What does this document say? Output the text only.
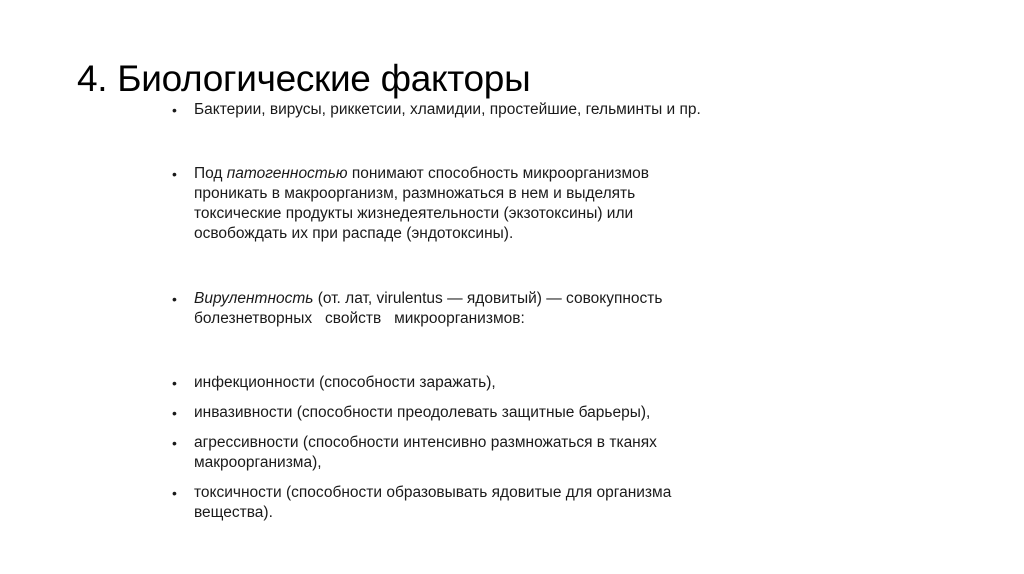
4. Биологические факторы
• Бактерии, вирусы, риккетсии, хламидии, простейшие, гельминты и пр.
• Под патогенностью понимают способность микроорганизмов
проникать в макроорганизм, размножаться в нем и выделять
токсические продукты жизнедеятельности (экзотоксины) или
освобождать их при распаде (эндотоксины).
• Вирулентность (от. лат, virulentus — ядовитый) — совокупность
болезнетворных   свойств   микроорганизмов:
• инфекционности (способности заражать),
• инвазивности (способности преодолевать защитные барьеры),
• агрессивности (способности интенсивно размножаться в тканях
макроорганизма),
• токсичности (способности образовывать ядовитые для организма
вещества).
